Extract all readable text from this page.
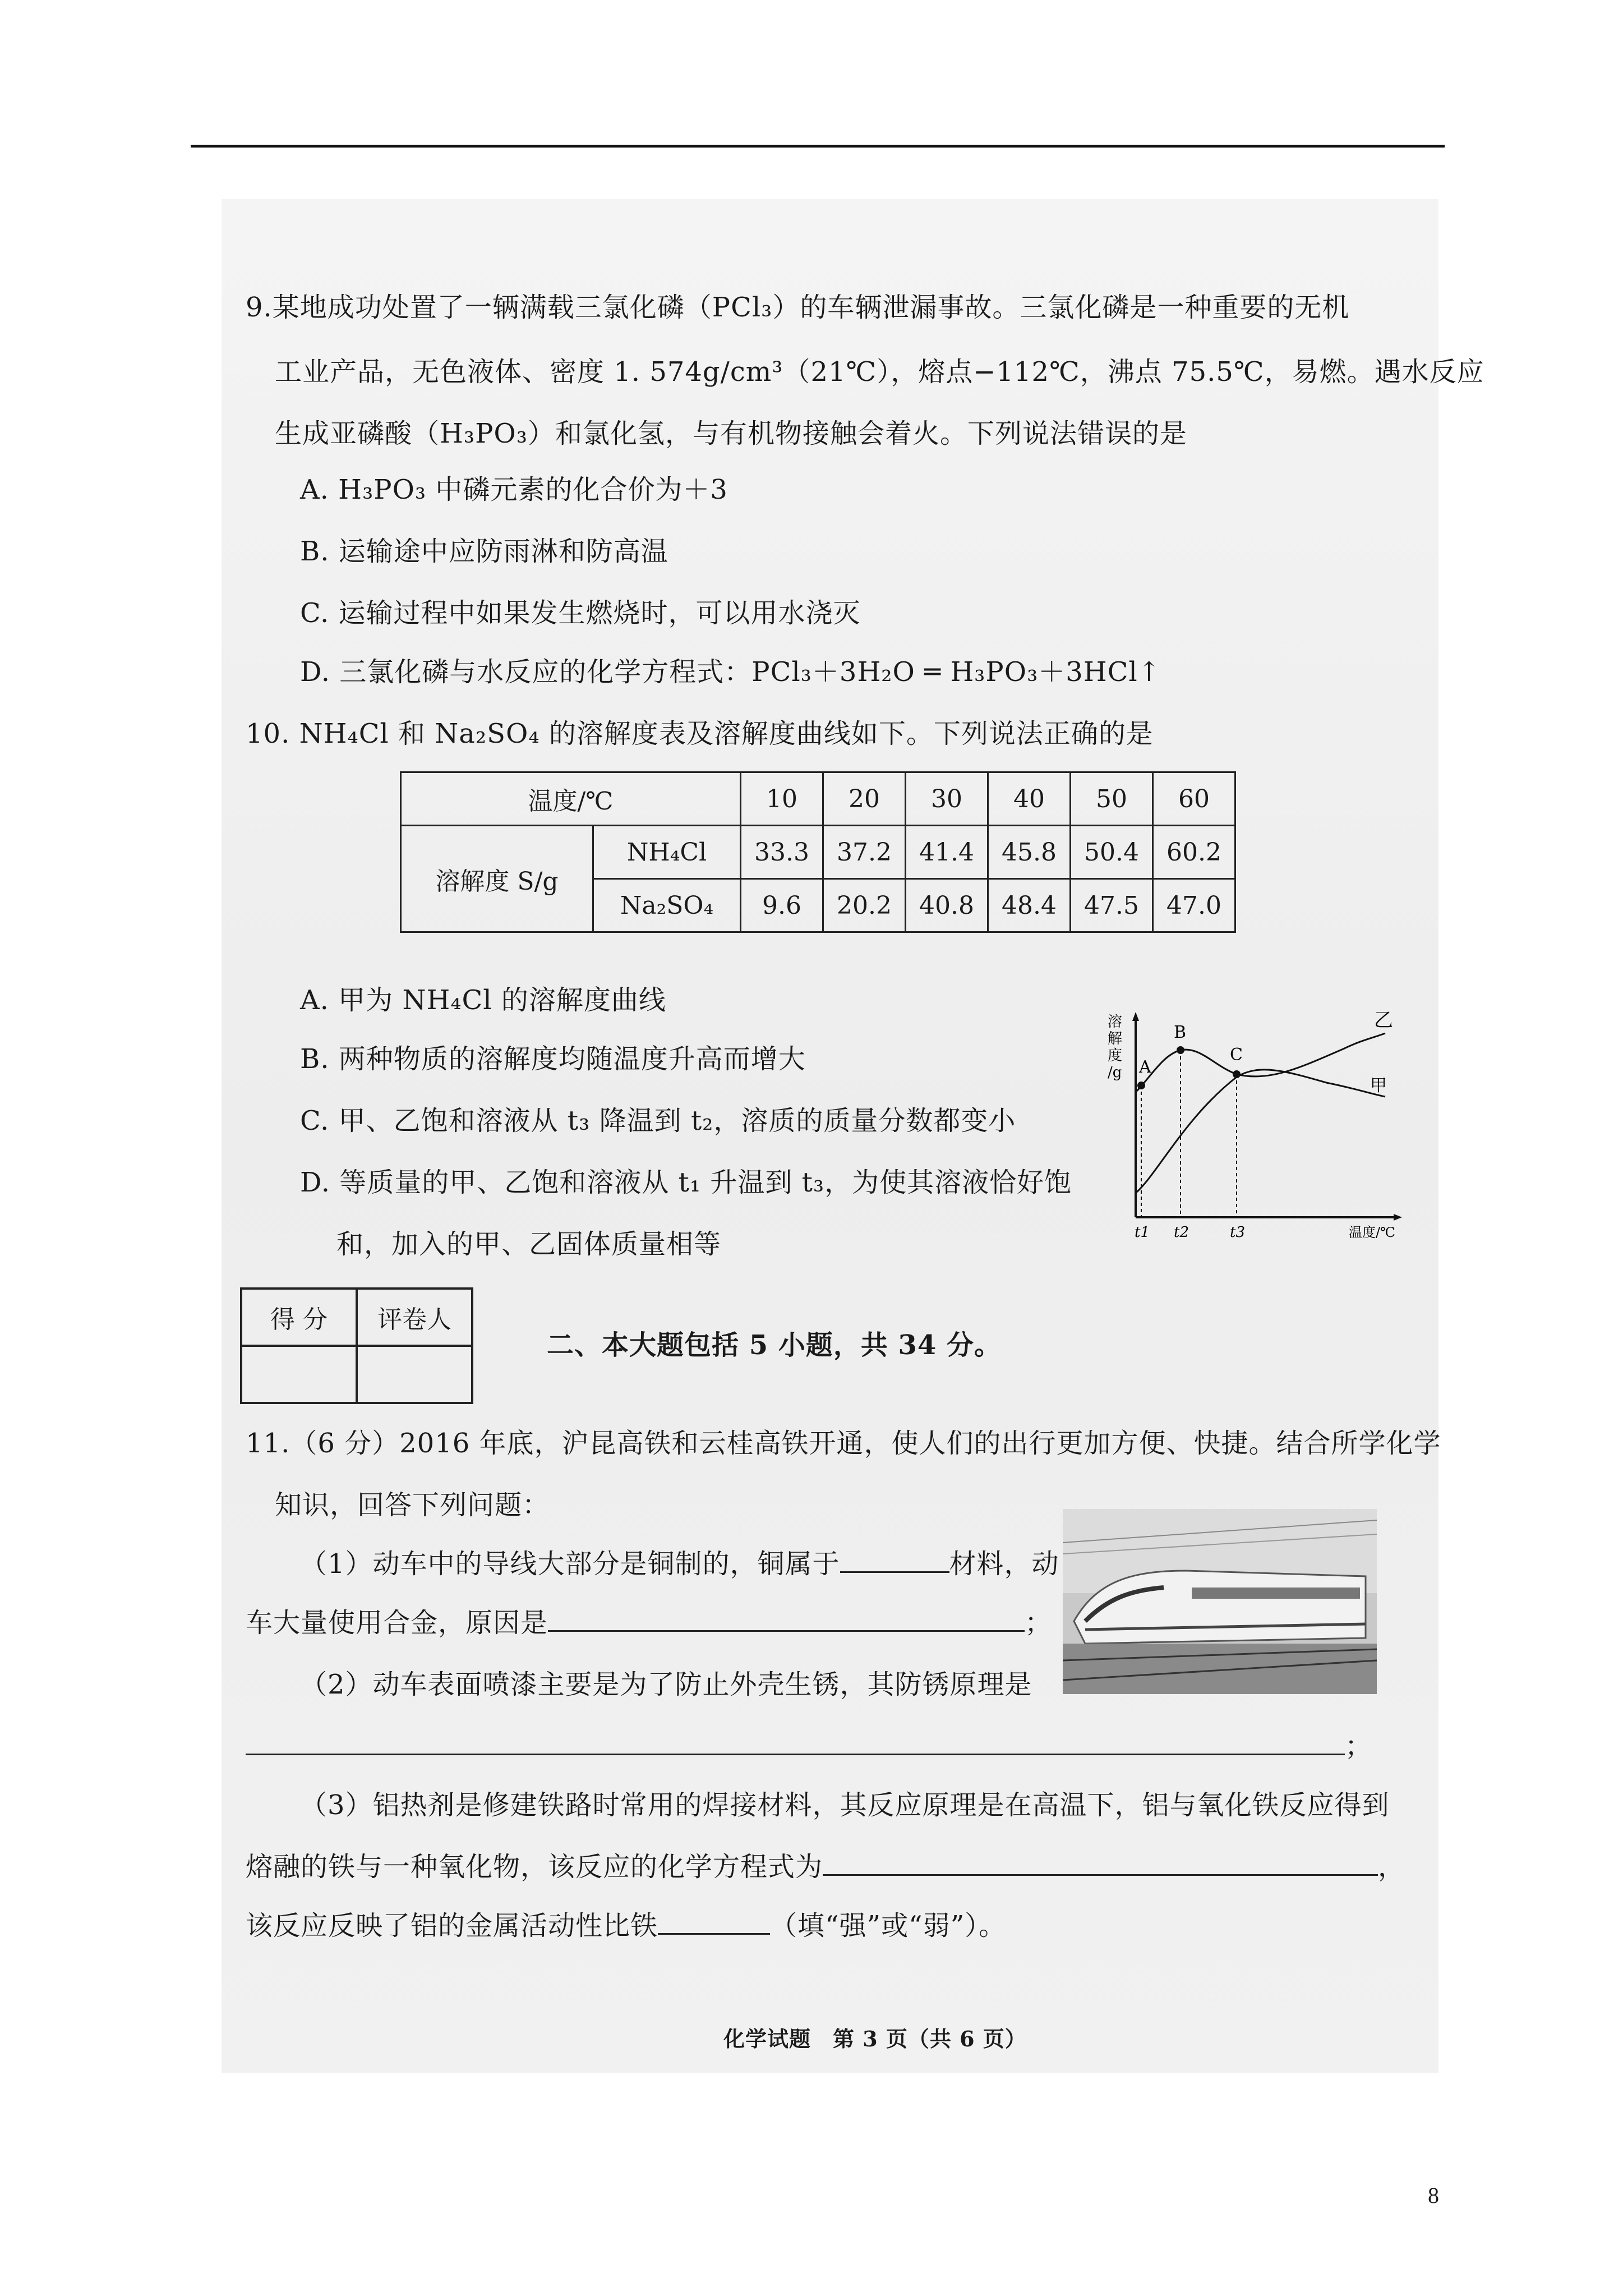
9.某地成功处置了一辆满载三氯化磷（PCl₃）的车辆泄漏事故。三氯化磷是一种重要的无机
工业产品，无色液体、密度 1. 574g/cm³（21℃），熔点−112℃，沸点 75.5℃，易燃。遇水反应
生成亚磷酸（H₃PO₃）和氯化氢，与有机物接触会着火。下列说法错误的是
A. H₃PO₃ 中磷元素的化合价为＋3
B. 运输途中应防雨淋和防高温
C. 运输过程中如果发生燃烧时，可以用水浇灭
D. 三氯化磷与水反应的化学方程式：PCl₃＋3H₂O ═ H₃PO₃＋3HCl↑
10. NH₄Cl 和 Na₂SO₄ 的溶解度表及溶解度曲线如下。下列说法正确的是
温度/℃		10	20	30	40	50	60
溶解度 S/g	NH₄Cl	33.3	37.2	41.4	45.8	50.4	60.2
	Na₂SO₄	9.6	20.2	40.8	48.4	47.5	47.0
A. 甲为 NH₄Cl 的溶解度曲线
B. 两种物质的溶解度均随温度升高而增大
C. 甲、乙饱和溶液从 t₃ 降温到 t₂，溶质的质量分数都变小
D. 等质量的甲、乙饱和溶液从 t₁ 升温到 t₃，为使其溶液恰好饱
和，加入的甲、乙固体质量相等
溶
解
度
/g A
B
C
乙
甲
t1 t2	t3	温度/℃
得 分	评卷人

二、本大题包括 5 小题，共 34 分。
11.（6 分）2016 年底，沪昆高铁和云桂高铁开通，使人们的出行更加方便、快捷。结合所学化学
知识，回答下列问题：
（1）动车中的导线大部分是铜制的，铜属于	材料，动
车大量使用合金，原因是	；
（2）动车表面喷漆主要是为了防止外壳生锈，其防锈原理是
；
（3）铝热剂是修建铁路时常用的焊接材料，其反应原理是在高温下，铝与氧化铁反应得到
熔融的铁与一种氧化物，该反应的化学方程式为	，
该反应反映了铝的金属活动性比铁	（填“强”或“弱”）。
化学试题　第 3 页（共 6 页）
8
